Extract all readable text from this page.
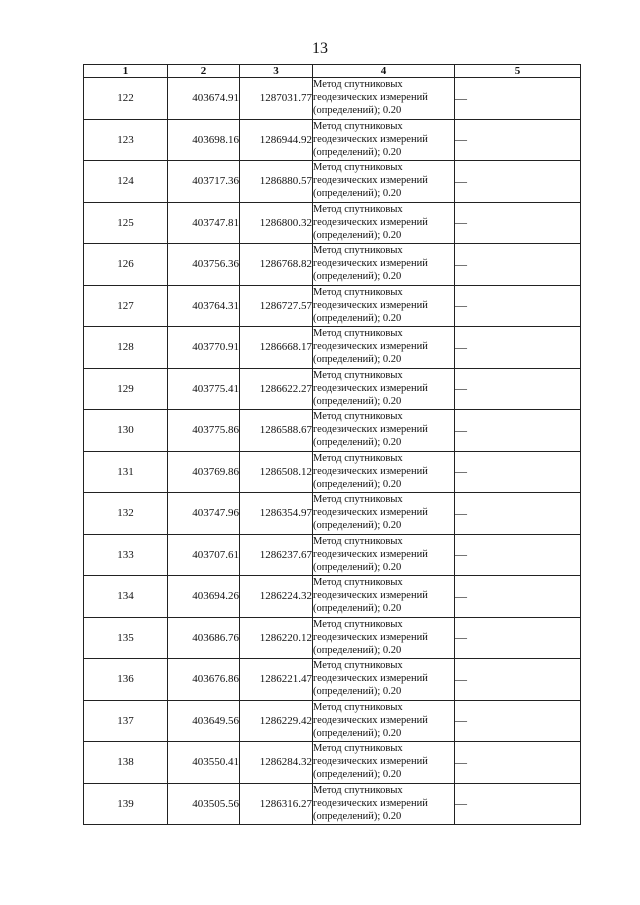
13
1	2	3	4	5
122	403674.91	1287031.77	Метод спутниковых
геодезических измерений
(определений); 0.20	—
123	403698.16	1286944.92	Метод спутниковых
геодезических измерений
(определений); 0.20	—
124	403717.36	1286880.57	Метод спутниковых
геодезических измерений
(определений); 0.20	—
125	403747.81	1286800.32	Метод спутниковых
геодезических измерений
(определений); 0.20	—
126	403756.36	1286768.82	Метод спутниковых
геодезических измерений
(определений); 0.20	—
127	403764.31	1286727.57	Метод спутниковых
геодезических измерений
(определений); 0.20	—
128	403770.91	1286668.17	Метод спутниковых
геодезических измерений
(определений); 0.20	—
129	403775.41	1286622.27	Метод спутниковых
геодезических измерений
(определений); 0.20	—
130	403775.86	1286588.67	Метод спутниковых
геодезических измерений
(определений); 0.20	—
131	403769.86	1286508.12	Метод спутниковых
геодезических измерений
(определений); 0.20	—
132	403747.96	1286354.97	Метод спутниковых
геодезических измерений
(определений); 0.20	—
133	403707.61	1286237.67	Метод спутниковых
геодезических измерений
(определений); 0.20	—
134	403694.26	1286224.32	Метод спутниковых
геодезических измерений
(определений); 0.20	—
135	403686.76	1286220.12	Метод спутниковых
геодезических измерений
(определений); 0.20	—
136	403676.86	1286221.47	Метод спутниковых
геодезических измерений
(определений); 0.20	—
137	403649.56	1286229.42	Метод спутниковых
геодезических измерений
(определений); 0.20	—
138	403550.41	1286284.32	Метод спутниковых
геодезических измерений
(определений); 0.20	—
139	403505.56	1286316.27	Метод спутниковых
геодезических измерений
(определений); 0.20	—
